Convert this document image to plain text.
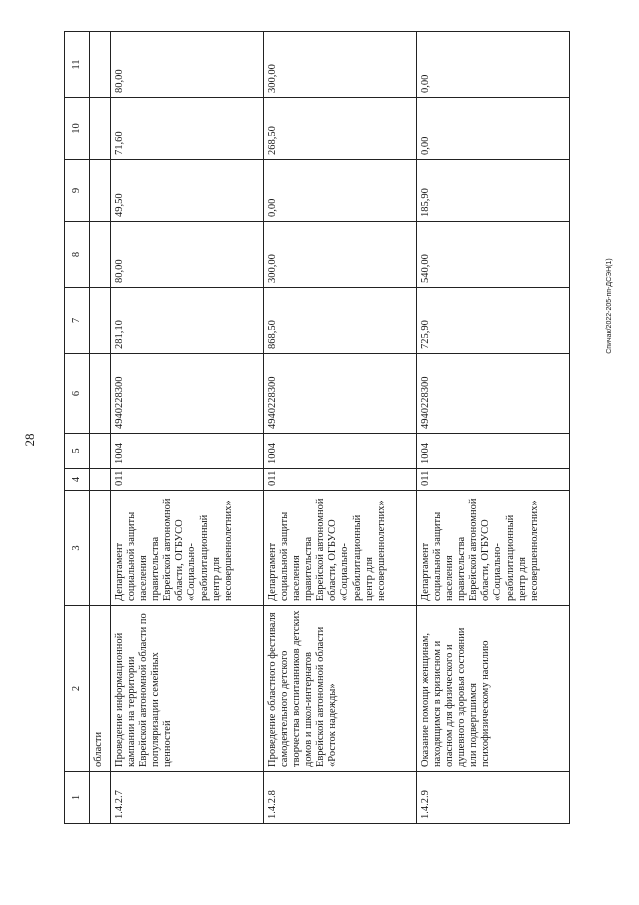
28
Спичак/2022-205-пп-ДСЭН(1)
1	2	3	4	5	6	7	8	9	10	11
	области									
1.4.2.7	Проведение информационной кампании на территории Еврейской автономной области по популяризации семейных ценностей	Департамент социальной защиты населения правительства Еврейской автономной области, ОГБУСО «Социально-реабилитационный центр для несовершеннолетних»	011	1004	4940228300	281,10	80,00	49,50	71,60	80,00
1.4.2.8	Проведение областного фестиваля самодеятельного детского творчества воспитанников детских домов и школ-интернатов Еврейской автономной области «Росток надежды»	Департамент социальной защиты населения правительства Еврейской автономной области, ОГБУСО «Социально-реабилитационный центр для несовершеннолетних»	011	1004	4940228300	868,50	300,00	0,00	268,50	300,00
1.4.2.9	Оказание помощи женщинам, находящимся в кризисном и опасном для физического и душевного здоровья состоянии или подвергшимся психофизическому насилию	Департамент социальной защиты населения правительства Еврейской автономной области, ОГБУСО «Социально-реабилитационный центр для несовершеннолетних»	011	1004	4940228300	725,90	540,00	185,90	0,00	0,00
